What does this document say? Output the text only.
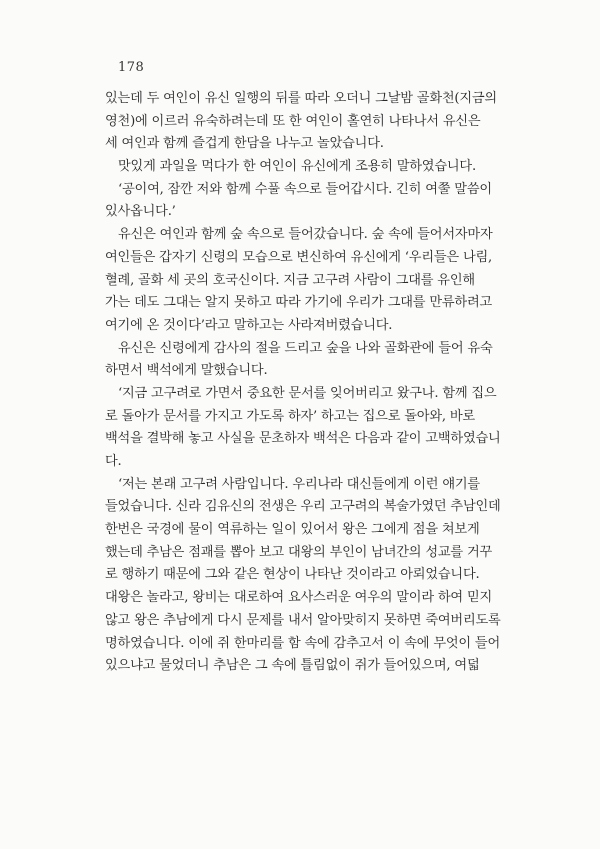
178
있는데 두 여인이 유신 일행의 뒤를 따라 오더니 그날밤 골화천(지금의
영천)에 이르러 유숙하려는데 또 한 여인이 홀연히 나타나서 유신은
세 여인과 함께 즐겁게 한담을 나누고 놀았습니다.
맛있게 과일을 먹다가 한 여인이 유신에게 조용히 말하였습니다.
‘공이여, 잠깐 저와 함께 수풀 속으로 들어갑시다. 긴히 여쭐 말씀이
있사옵니다.’
유신은 여인과 함께 숲 속으로 들어갔습니다. 숲 속에 들어서자마자
여인들은 갑자기 신령의 모습으로 변신하여 유신에게 ‘우리들은 나림,
혈례, 골화 세 곳의 호국신이다. 지금 고구려 사람이 그대를 유인해
가는 데도 그대는 알지 못하고 따라 가기에 우리가 그대를 만류하려고
여기에 온 것이다’라고 말하고는 사라져버렸습니다.
유신은 신령에게 감사의 절을 드리고 숲을 나와 골화관에 들어 유숙
하면서 백석에게 말했습니다.
‘지금 고구려로 가면서 중요한 문서를 잊어버리고 왔구나. 함께 집으
로 돌아가 문서를 가지고 가도록 하자’ 하고는 집으로 돌아와, 바로
백석을 결박해 놓고 사실을 문초하자 백석은 다음과 같이 고백하였습니
다.
‘저는 본래 고구려 사람입니다. 우리나라 대신들에게 이런 얘기를
들었습니다. 신라 김유신의 전생은 우리 고구려의 복술가였던 추남인데
한번은 국경에 물이 역류하는 일이 있어서 왕은 그에게 점을 쳐보게
했는데 추남은 점괘를 뽑아 보고 대왕의 부인이 남녀간의 성교를 거꾸
로 행하기 때문에 그와 같은 현상이 나타난 것이라고 아뢰었습니다.
대왕은 놀라고, 왕비는 대로하여 요사스러운 여우의 말이라 하여 믿지
않고 왕은 추남에게 다시 문제를 내서 알아맞히지 못하면 죽여버리도록
명하였습니다. 이에 쥐 한마리를 함 속에 감추고서 이 속에 무엇이 들어
있으냐고 물었더니 추남은 그 속에 틀림없이 쥐가 들어있으며, 여덟
